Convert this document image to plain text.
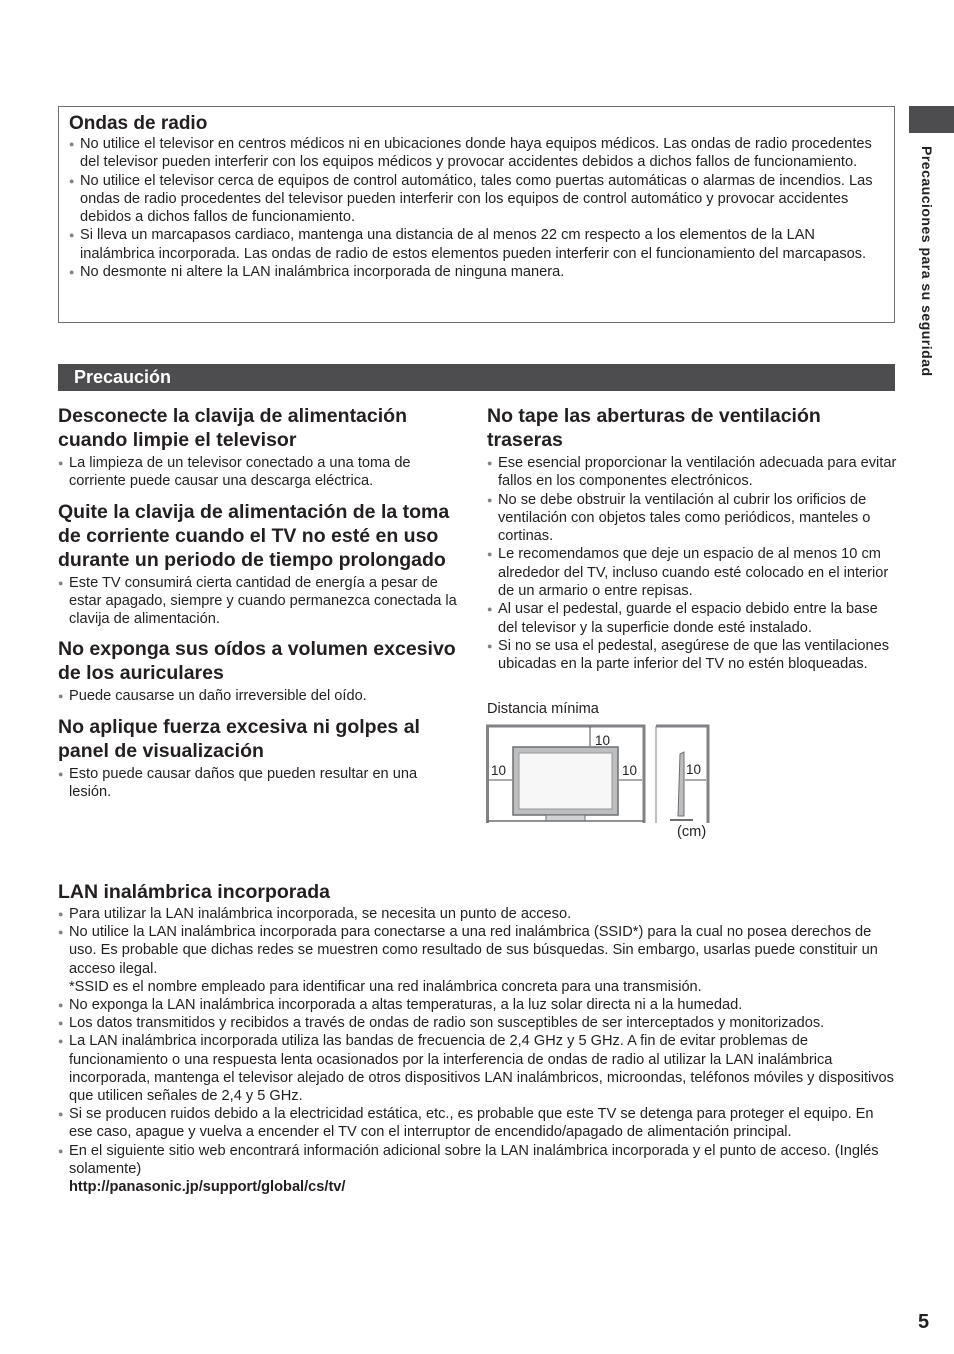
Precauciones para su seguridad
Ondas de radio
● No utilice el televisor en centros médicos ni en ubicaciones donde haya equipos médicos. Las ondas de radio procedentes del televisor pueden interferir con los equipos médicos y provocar accidentes debidos a dichos fallos de funcionamiento.
● No utilice el televisor cerca de equipos de control automático, tales como puertas automáticas o alarmas de incendios. Las ondas de radio procedentes del televisor pueden interferir con los equipos de control automático y provocar accidentes debidos a dichos fallos de funcionamiento.
● Si lleva un marcapasos cardiaco, mantenga una distancia de al menos 22 cm respecto a los elementos de la LAN inalámbrica incorporada. Las ondas de radio de estos elementos pueden interferir con el funcionamiento del marcapasos.
● No desmonte ni altere la LAN inalámbrica incorporada de ninguna manera.
Precaución
Desconecte la clavija de alimentación cuando limpie el televisor
● La limpieza de un televisor conectado a una toma de corriente puede causar una descarga eléctrica.
Quite la clavija de alimentación de la toma de corriente cuando el TV no esté en uso durante un periodo de tiempo prolongado
● Este TV consumirá cierta cantidad de energía a pesar de estar apagado, siempre y cuando permanezca conectada la clavija de alimentación.
No exponga sus oídos a volumen excesivo de los auriculares
● Puede causarse un daño irreversible del oído.
No aplique fuerza excesiva ni golpes al panel de visualización
● Esto puede causar daños que pueden resultar en una lesión.
No tape las aberturas de ventilación traseras
● Ese esencial proporcionar la ventilación adecuada para evitar fallos en los componentes electrónicos.
● No se debe obstruir la ventilación al cubrir los orificios de ventilación con objetos tales como periódicos, manteles o cortinas.
● Le recomendamos que deje un espacio de al menos 10 cm alrededor del TV, incluso cuando esté colocado en el interior de un armario o entre repisas.
● Al usar el pedestal, guarde el espacio debido entre la base del televisor y la superficie donde esté instalado.
● Si no se usa el pedestal, asegúrese de que las ventilaciones ubicadas en la parte inferior del TV no estén bloqueadas.
Distancia mínima
10
10	10	10
(cm)
LAN inalámbrica incorporada
● Para utilizar la LAN inalámbrica incorporada, se necesita un punto de acceso.
● No utilice la LAN inalámbrica incorporada para conectarse a una red inalámbrica (SSID*) para la cual no posea derechos de uso. Es probable que dichas redes se muestren como resultado de sus búsquedas. Sin embargo, usarlas puede constituir un acceso ilegal.
*SSID es el nombre empleado para identificar una red inalámbrica concreta para una transmisión.
● No exponga la LAN inalámbrica incorporada a altas temperaturas, a la luz solar directa ni a la humedad.
● Los datos transmitidos y recibidos a través de ondas de radio son susceptibles de ser interceptados y monitorizados.
● La LAN inalámbrica incorporada utiliza las bandas de frecuencia de 2,4 GHz y 5 GHz. A fin de evitar problemas de funcionamiento o una respuesta lenta ocasionados por la interferencia de ondas de radio al utilizar la LAN inalámbrica incorporada, mantenga el televisor alejado de otros dispositivos LAN inalámbricos, microondas, teléfonos móviles y dispositivos que utilicen señales de 2,4 y 5 GHz.
● Si se producen ruidos debido a la electricidad estática, etc., es probable que este TV se detenga para proteger el equipo. En ese caso, apague y vuelva a encender el TV con el interruptor de encendido/apagado de alimentación principal.
● En el siguiente sitio web encontrará información adicional sobre la LAN inalámbrica incorporada y el punto de acceso. (Inglés solamente)
http://panasonic.jp/support/global/cs/tv/
5
